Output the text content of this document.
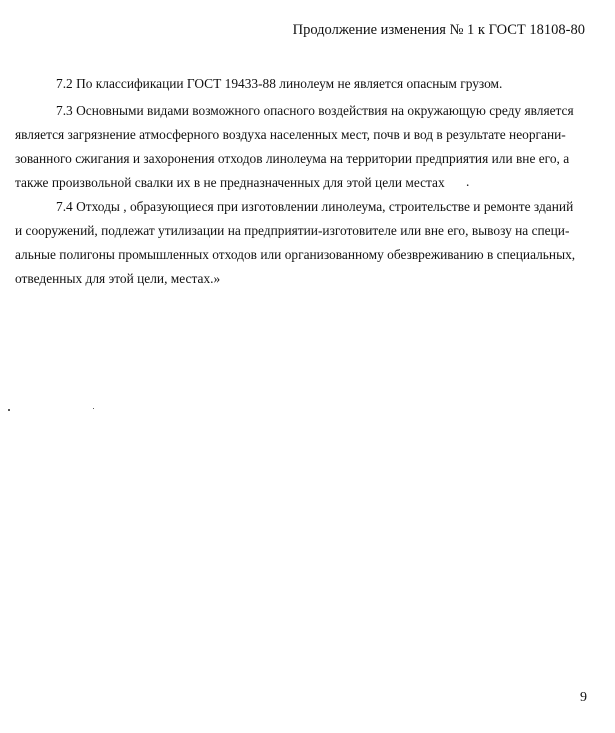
Продолжение изменения № 1 к ГОСТ 18108-80
7.2 По классификации ГОСТ 19433-88 линолеум не является опасным грузом.
7.3 Основными видами возможного опасного воздействия на окружающую среду является
является загрязнение атмосферного воздуха населенных мест, почв и вод в результате неоргани-
зованного сжигания и захоронения отходов линолеума на территории предприятия или вне его, а
также произвольной свалки их в не предназначенных для этой цели местах .
7.4 Отходы , образующиеся при изготовлении линолеума, строительстве и ремонте зданий
и сооружений, подлежат утилизации на предприятии-изготовителе или вне его, вывозу на специ-
альные полигоны промышленных отходов или организованному обезвреживанию в специальных,
отведенных для этой цели, местах.»
9
